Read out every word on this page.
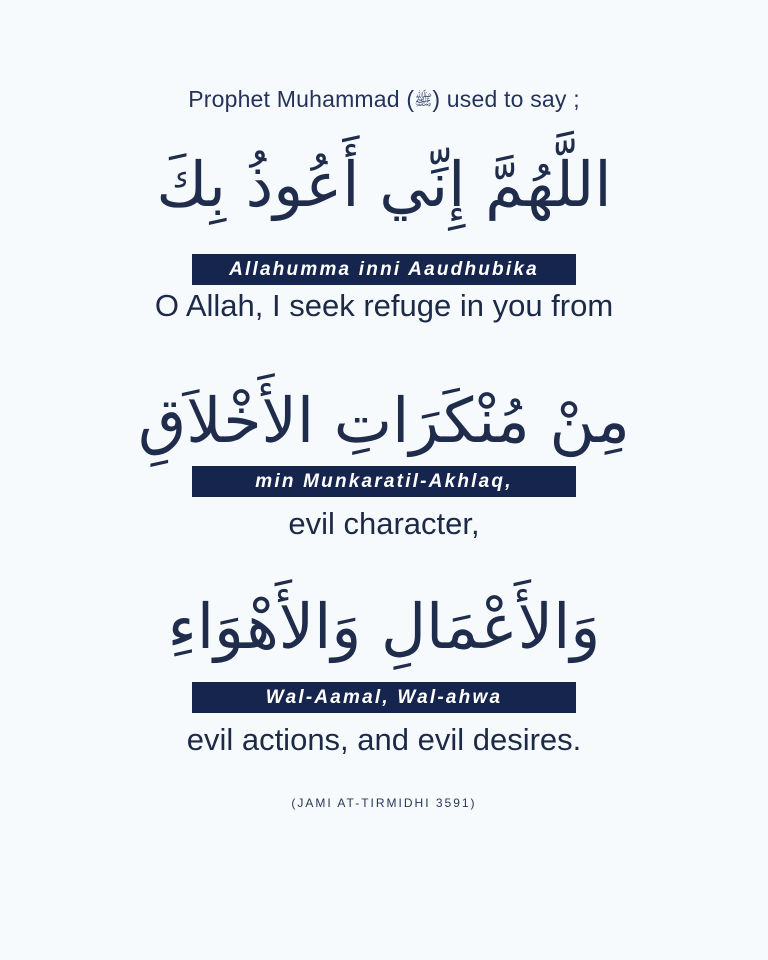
Prophet Muhammad (ﷺ) used to say ;
اللَّهُمَّ إِنِّي أَعُوذُ بِكَ
Allahumma inni Aaudhubika
O Allah, I seek refuge in you from
مِنْ مُنْكَرَاتِ الأَخْلاَقِ
min Munkaratil-Akhlaq,
evil character,
وَالأَعْمَالِ وَالأَهْوَاءِ
Wal-Aamal, Wal-ahwa
evil actions, and evil desires.
(JAMI AT-TIRMIDHI 3591)
